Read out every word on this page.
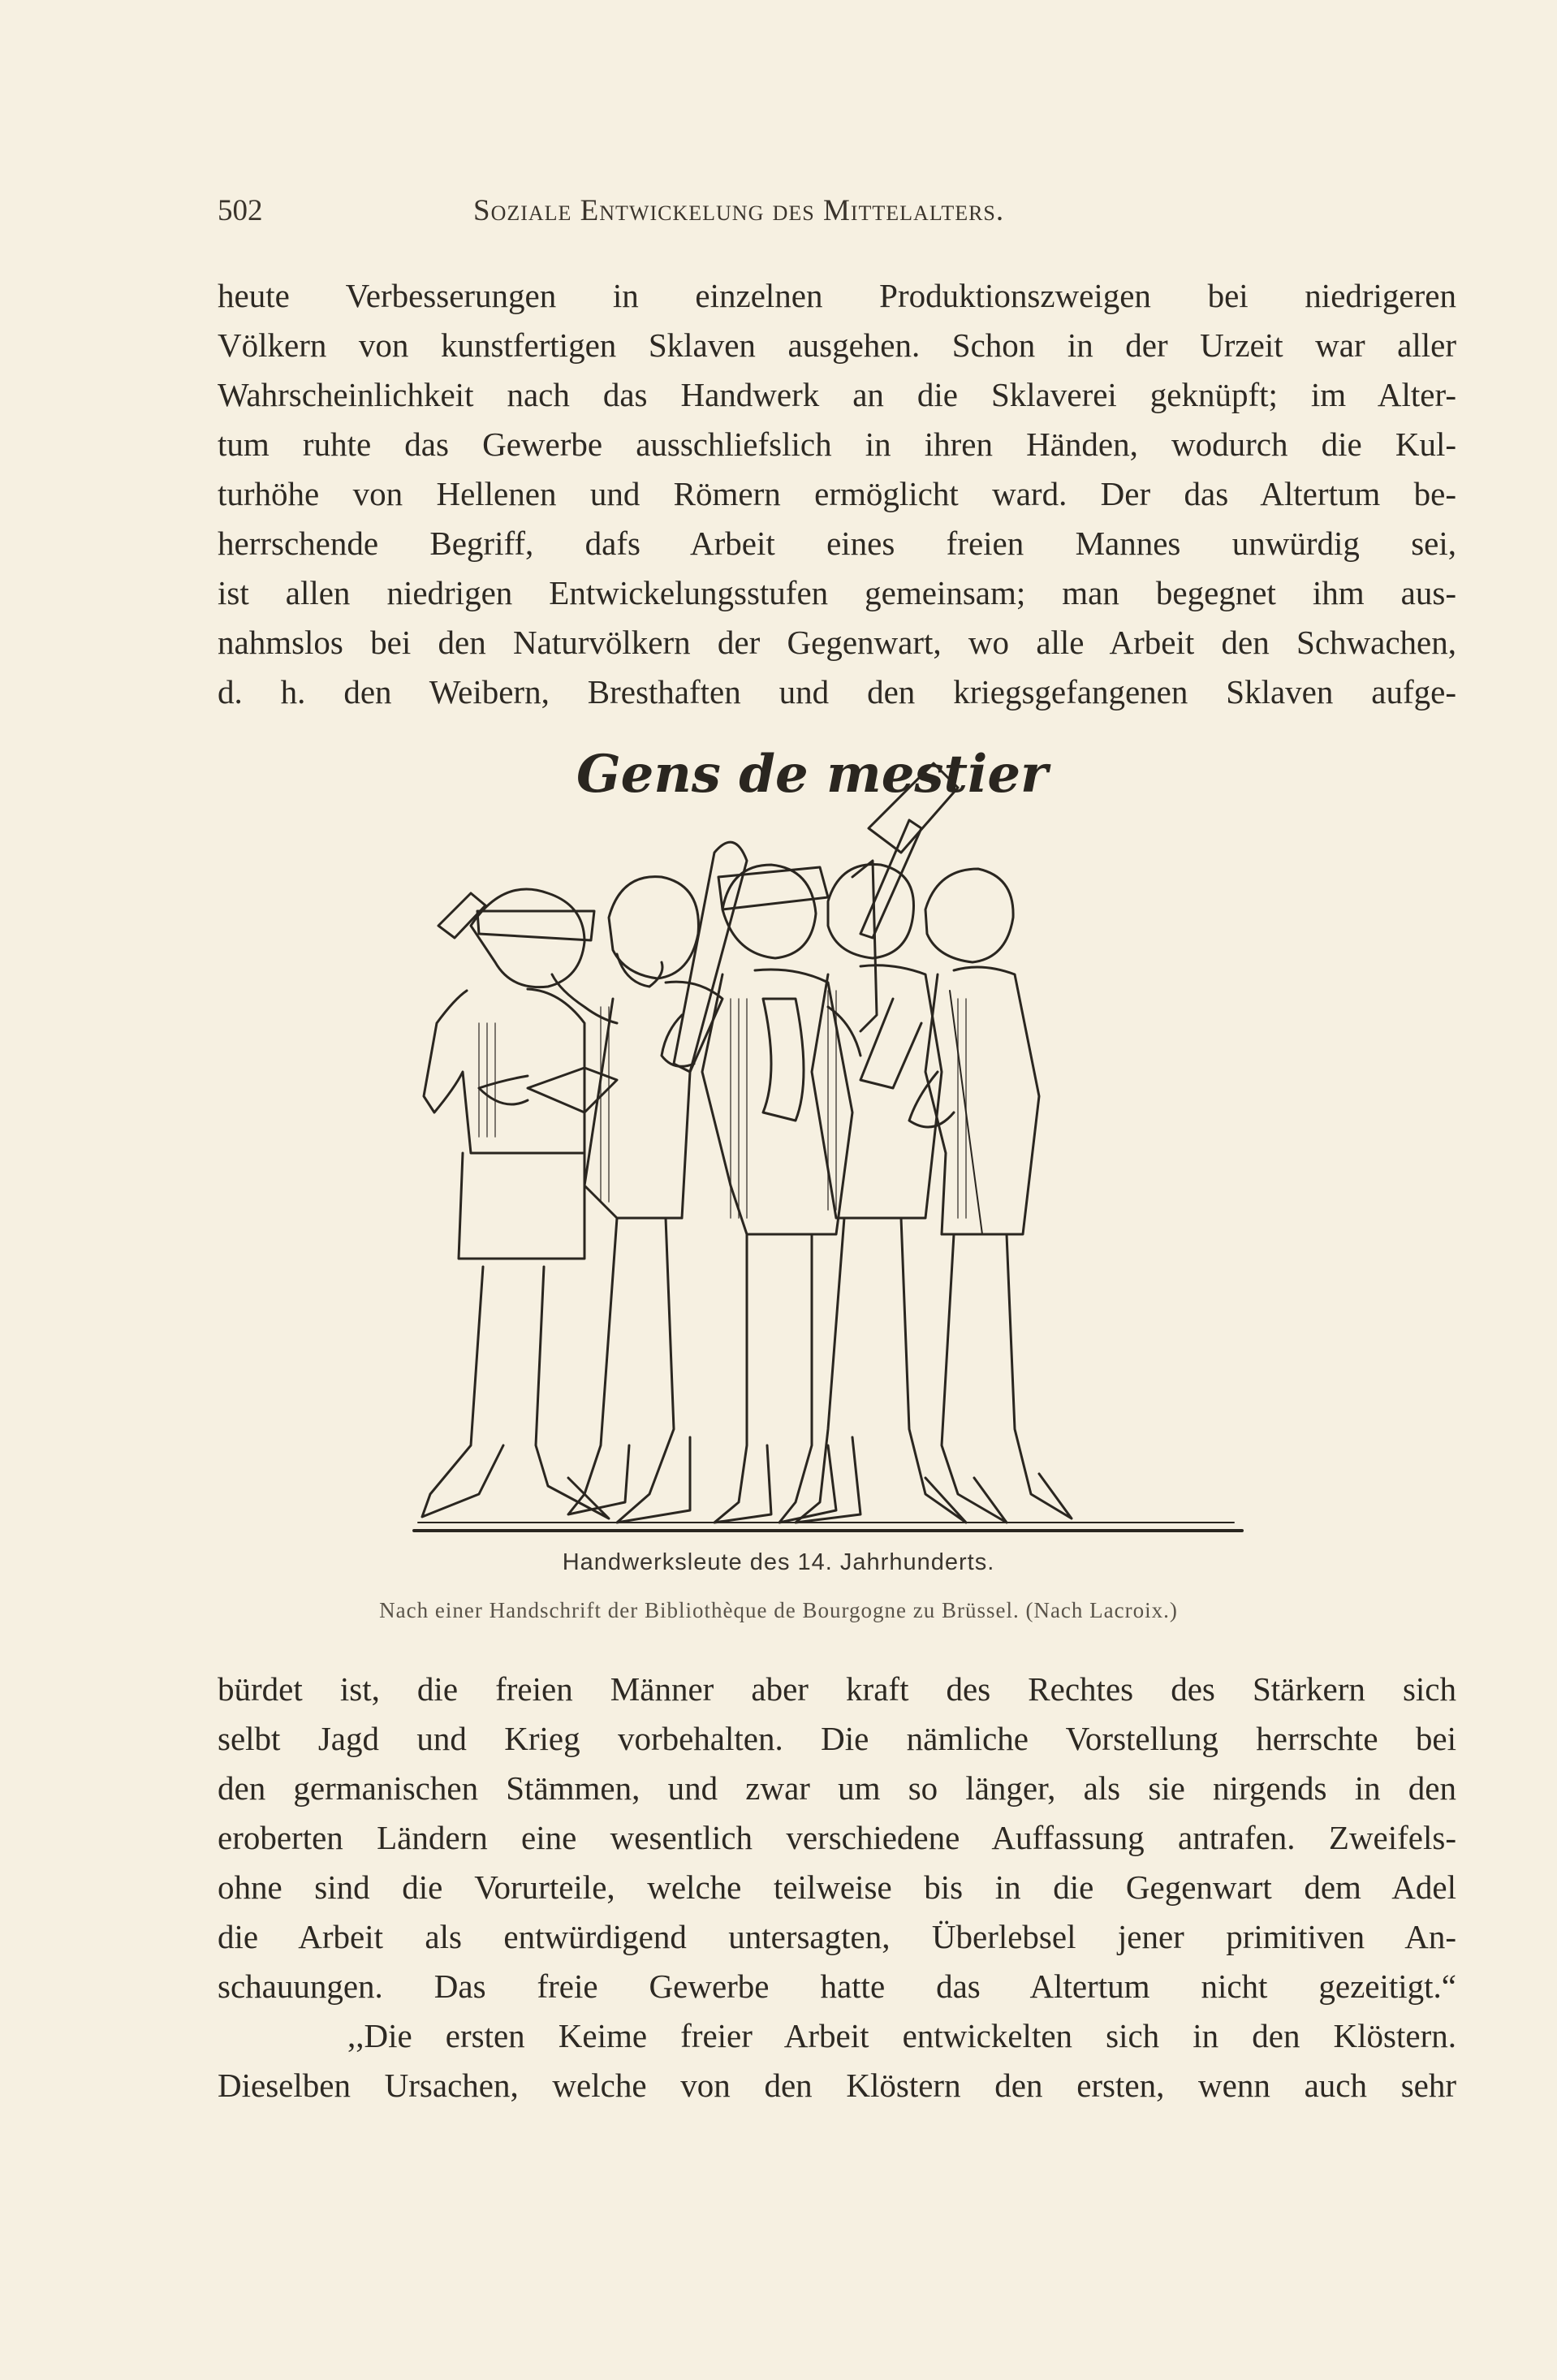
502	Soziale Entwickelung des Mittelalters.
heute Verbesserungen in einzelnen Produktionszweigen bei niedrigeren
Völkern von kunstfertigen Sklaven ausgehen. Schon in der Urzeit war aller
Wahrscheinlichkeit nach das Handwerk an die Sklaverei geknüpft; im Alter-
tum ruhte das Gewerbe ausschliefslich in ihren Händen, wodurch die Kul-
turhöhe von Hellenen und Römern ermöglicht ward. Der das Altertum be-
herrschende Begriff, dafs Arbeit eines freien Mannes unwürdig sei,
ist allen niedrigen Entwickelungsstufen gemeinsam; man begegnet ihm aus-
nahmslos bei den Naturvölkern der Gegenwart, wo alle Arbeit den Schwachen,
d. h. den Weibern, Bresthaften und den kriegsgefangenen Sklaven aufge-
Gens de mestier
Handwerksleute des 14. Jahrhunderts.
Nach einer Handschrift der Bibliothèque de Bourgogne zu Brüssel. (Nach Lacroix.)
bürdet ist, die freien Männer aber kraft des Rechtes des Stärkern sich
selbt Jagd und Krieg vorbehalten. Die nämliche Vorstellung herrschte bei
den germanischen Stämmen, und zwar um so länger, als sie nirgends in den
eroberten Ländern eine wesentlich verschiedene Auffassung antrafen. Zweifels-
ohne sind die Vorurteile, welche teilweise bis in die Gegenwart dem Adel
die Arbeit als entwürdigend untersagten, Überlebsel jener primitiven An-
schauungen. Das freie Gewerbe hatte das Altertum nicht gezeitigt.“
,,Die ersten Keime freier Arbeit entwickelten sich in den Klöstern.
Dieselben Ursachen, welche von den Klöstern den ersten, wenn auch sehr
